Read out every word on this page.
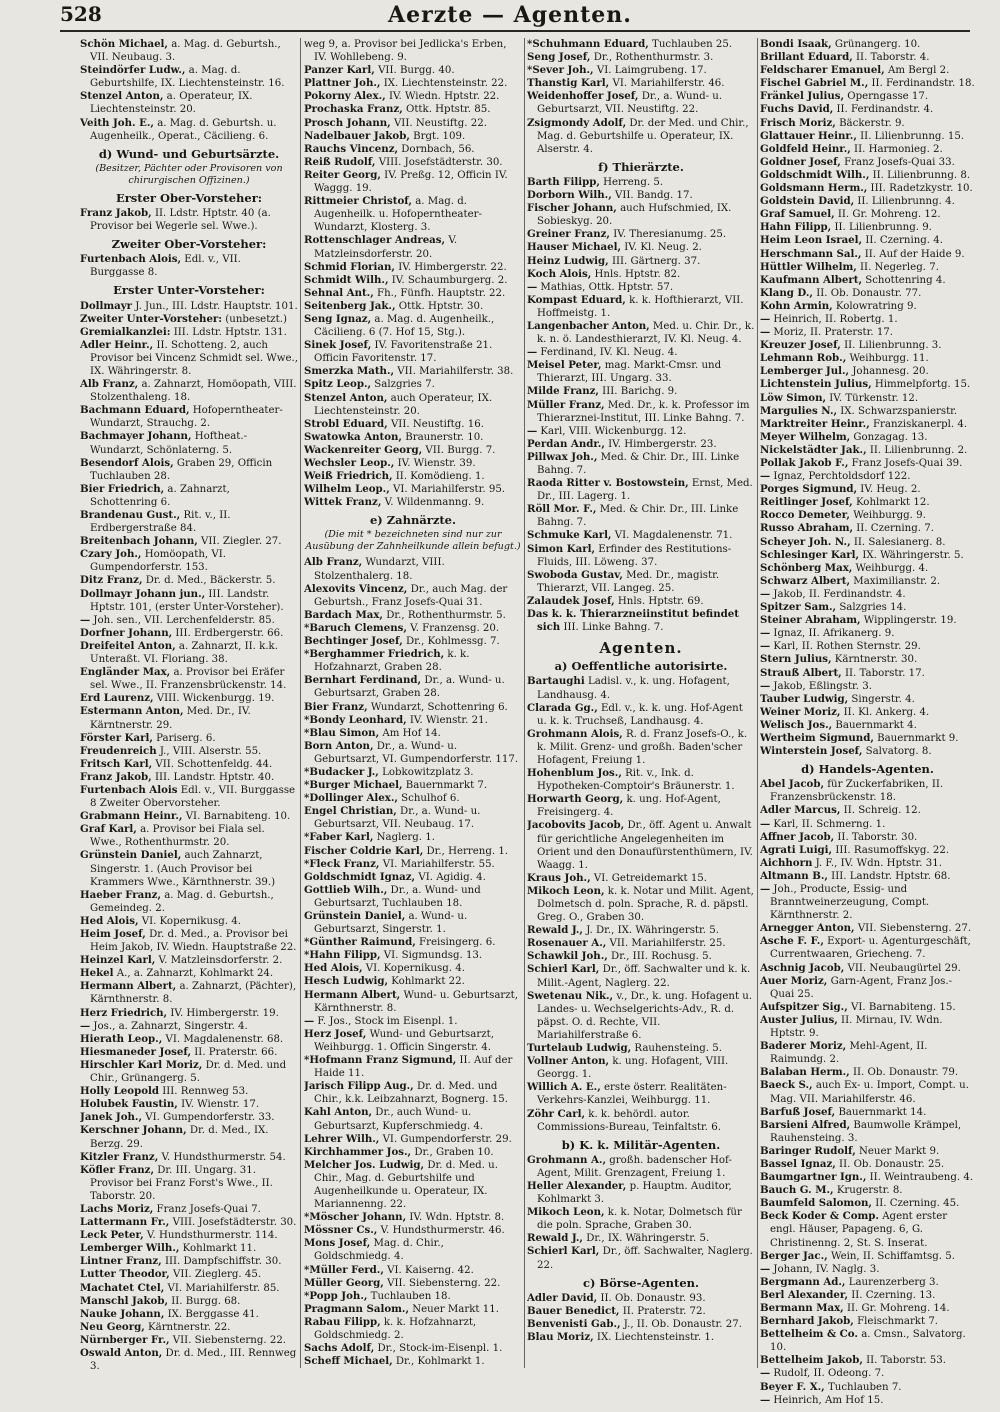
528	Aerzte — Agenten.

Schön Michael, a. Mag. d. Geburtsh., VII. Neubaug. 3.

Steindörfer Ludw., a. Mag. d. Geburtshilfe, IX. Liechtensteinstr. 16.

Stenzel Anton, a. Operateur, IX. Liechtensteinstr. 20.

Veith Joh. E., a. Mag. d. Geburtsh. u. Augenheilk., Operat., Cäcilieng. 6.

d) Wund- und Geburtsärzte.
(Besitzer, Pächter oder Provisoren von chirurgischen Offizinen.)
Erster Ober-Vorsteher:

Franz Jakob, II. Ldstr. Hptstr. 40 (a. Provisor bei Wegerle sel. Wwe.).

Zweiter Ober-Vorsteher:

Furtenbach Alois, Edl. v., VII. Burggasse 8.

Erster Unter-Vorsteher:

Dollmayr J. Jun., III. Ldstr. Hauptstr. 101.

Zweiter Unter-Vorsteher: (unbesetzt.)

Gremialkanzlei: III. Ldstr. Hptstr. 131.

Adler Heinr., II. Schotteng. 2, auch Provisor bei Vincenz Schmidt sel. Wwe., IX. Währingerstr. 8.

Alb Franz, a. Zahnarzt, Homöopath, VIII. Stolzenthaleng. 18.

Bachmann Eduard, Hofoperntheater-Wundarzt, Strauchg. 2.

Bachmayer Johann, Hoftheat.-Wundarzt, Schönlaterng. 5.

Besendorf Alois, Graben 29, Officin Tuchlauben 28.

Bier Friedrich, a. Zahnarzt, Schottenring 6.

Brandenau Gust., Rit. v., II. Erdbergerstraße 84.

Breitenbach Johann, VII. Ziegler. 27.

Czary Joh., Homöopath, VI. Gumpendorferstr. 153.

Ditz Franz, Dr. d. Med., Bäckerstr. 5.

Dollmayr Johann jun., III. Landstr. Hptstr. 101, (erster Unter-Vorsteher).

— Joh. sen., VII. Lerchenfelderstr. 85.

Dorfner Johann, III. Erdbergerstr. 66.

Dreifeitel Anton, a. Zahnarzt, II. k.k. Unteraßt. VI. Floriang. 38.

Engländer Max, a. Provisor bei Eräfer sel. Wwe., II. Franzensbrückenstr. 14.

Erd Laurenz, VIII. Wickenburgg. 19.

Estermann Anton, Med. Dr., IV. Kärntnerstr. 29.

Förster Karl, Pariserg. 6.

Freudenreich J., VIII. Alserstr. 55.

Fritsch Karl, VII. Schottenfeldg. 44.

Franz Jakob, III. Landstr. Hptstr. 40.

Furtenbach Alois Edl. v., VII. Burggasse 8 Zweiter Obervorsteher.

Grabmann Heinr., VI. Barnabiteng. 10.

Graf Karl, a. Provisor bei Fiala sel. Wwe., Rothenthurmstr. 20.

Grünstein Daniel, auch Zahnarzt, Singerstr. 1. (Auch Provisor bei Krammers Wwe., Kärnthnerstr. 39.)

Haeber Franz, a. Mag. d. Geburtsh., Gemeindeg. 2.

Hed Alois, VI. Kopernikusg. 4.

Heim Josef, Dr. d. Med., a. Provisor bei Heim Jakob, IV. Wiedn. Hauptstraße 22.

Heinzel Karl, V. Matzleinsdorferstr. 2.

Hekel A., a. Zahnarzt, Kohlmarkt 24.

Hermann Albert, a. Zahnarzt, (Pächter), Kärnthnerstr. 8.

Herz Friedrich, IV. Himbergerstr. 19.

— Jos., a. Zahnarzt, Singerstr. 4.

Hierath Leop., VI. Magdalenenstr. 68.

Hiesmaneder Josef, II. Praterstr. 66.

Hirschler Karl Moriz, Dr. d. Med. und Chir., Grünangerg. 5.

Holly Leopold III. Rennweg 53.

Holubek Faustin, IV. Wienstr. 17.

Janek Joh., VI. Gumpendorferstr. 33.

Kerschner Johann, Dr. d. Med., IX. Berzg. 29.

Kitzler Franz, V. Hundsthurmerstr. 54.

Köfler Franz, Dr. III. Ungarg. 31. Provisor bei Franz Forst's Wwe., II. Taborstr. 20.

Lachs Moriz, Franz Josefs-Quai 7.

Lattermann Fr., VIII. Josefstädterstr. 30.

Leck Peter, V. Hundsthurmerstr. 114.

Lemberger Wilh., Kohlmarkt 11.

Lintner Franz, III. Dampfschiffstr. 30.

Lutter Theodor, VII. Zieglerg. 45.

Machatet Ctel, VI. Mariahilferstr. 85.

Manschl Jakob, II. Burgg. 68.

Nauke Johann, IX. Berggasse 41.

Neu Georg, Kärntnerstr. 22.

Nürnberger Fr., VII. Siebensterng. 22.

Oswald Anton, Dr. d. Med., III. Rennweg 3.

weg 9, a. Provisor bei Jedlicka's Erben, IV. Wohllebeng. 9.

Panzer Karl, VII. Burgg. 40.

Plattner Joh., IX. Liechtensteinstr. 22.

Pokorny Alex., IV. Wiedn. Hptstr. 22.

Prochaska Franz, Ottk. Hptstr. 85.

Prosch Johann, VII. Neustiftg. 22.

Nadelbauer Jakob, Brgt. 109.

Rauchs Vincenz, Dornbach, 56.

Reiß Rudolf, VIII. Josefstädterstr. 30.

Reiter Georg, IV. Preßg. 12, Officin IV. Waggg. 19.

Rittmeier Christof, a. Mag. d. Augenheilk. u. Hofoperntheater-Wundarzt, Klosterg. 3.

Rottenschlager Andreas, V. Matzleinsdorferstr. 20.

Schmid Florian, IV. Himbergerstr. 22.

Schmidt Wilh., IV. Schaumburgerg. 2.

Sehnal Ant., Fh., Fünfh. Hauptstr. 22.

Seitenberg Jak., Ottk. Hptstr. 30.

Seng Ignaz, a. Mag. d. Augenheilk., Cäcilieng. 6 (7. Hof 15, Stg.).

Sinek Josef, IV. Favoritenstraße 21. Officin Favoritenstr. 17.

Smerzka Math., VII. Mariahilferstr. 38.

Spitz Leop., Salzgries 7.

Stenzel Anton, auch Operateur, IX. Liechtensteinstr. 20.

Strobl Eduard, VII. Neustiftg. 16.

Swatowka Anton, Braunerstr. 10.

Wackenreiter Georg, VII. Burgg. 7.

Wechsler Leop., IV. Wienstr. 39.

Weiß Friedrich, II. Komödieng. 1.

Wilhelm Leop., VI. Mariahilferstr. 95.

Wittek Franz, V. Wildenmanng. 9.

e) Zahnärzte.
(Die mit * bezeichneten sind nur zur Ausübung der Zahnheilkunde allein befugt.)

Alb Franz, Wundarzt, VIII. Stolzenthalerg. 18.

Alexovits Vincenz, Dr., auch Mag. der Geburtsh., Franz Josefs-Quai 31.

Bardach Max, Dr., Rothenthurmstr. 5.

*Baruch Clemens, V. Franzensg. 20.

Bechtinger Josef, Dr., Kohlmessg. 7.

*Berghammer Friedrich, k. k. Hofzahnarzt, Graben 28.

Bernhart Ferdinand, Dr., a. Wund- u. Geburtsarzt, Graben 28.

Bier Franz, Wundarzt, Schottenring 6.

*Bondy Leonhard, IV. Wienstr. 21.

*Blau Simon, Am Hof 14.

Born Anton, Dr., a. Wund- u. Geburtsarzt, VI. Gumpendorferstr. 117.

*Budacker J., Lobkowitzplatz 3.

*Burger Michael, Bauernmarkt 7.

*Dollinger Alex., Schulhof 6.

Engel Christian, Dr., a. Wund- u. Geburtsarzt, VII. Neubaug. 17.

*Faber Karl, Naglerg. 1.

Fischer Coldrie Karl, Dr., Herreng. 1.

*Fleck Franz, VI. Mariahilferstr. 55.

Goldschmidt Ignaz, VI. Agidig. 4.

Gottlieb Wilh., Dr., a. Wund- und Geburtsarzt, Tuchlauben 18.

Grünstein Daniel, a. Wund- u. Geburtsarzt, Singerstr. 1.

*Günther Raimund, Freisingerg. 6.

*Hahn Filipp, VI. Sigmundsg. 13.

Hed Alois, VI. Kopernikusg. 4.

Hesch Ludwig, Kohlmarkt 22.

Hermann Albert, Wund- u. Geburtsarzt, Kärnthnerstr. 8.

— F. Jos., Stock im Eisenpl. 1.

Herz Josef, Wund- und Geburtsarzt, Weihburgg. 1. Officin Singerstr. 4.

*Hofmann Franz Sigmund, II. Auf der Haide 11.

Jarisch Filipp Aug., Dr. d. Med. und Chir., k.k. Leibzahnarzt, Bognerg. 15.

Kahl Anton, Dr., auch Wund- u. Geburtsarzt, Kupferschmiedg. 4.

Lehrer Wilh., VI. Gumpendorferstr. 29.

Kirchhammer Jos., Dr., Graben 10.

Melcher Jos. Ludwig, Dr. d. Med. u. Chir., Mag. d. Geburtshilfe und Augenheilkunde u. Operateur, IX. Mariannenng. 22.

*Möscher Johann, IV. Wdn. Hptstr. 8.

Mössner Cs., V. Hundsthurmerstr. 46.

Mons Josef, Mag. d. Chir., Goldschmiedg. 4.

*Müller Ferd., VI. Kaiserng. 42.

Müller Georg, VII. Siebensterng. 22.

*Popp Joh., Tuchlauben 18.

Pragmann Salom., Neuer Markt 11.

Rabau Filipp, k. k. Hofzahnarzt, Goldschmiedg. 2.

Sachs Adolf, Dr., Stock-im-Eisenpl. 1.

Scheff Michael, Dr., Kohlmarkt 1.

*Schuhmann Eduard, Tuchlauben 25.

Seng Josef, Dr., Rothenthurmstr. 3.

*Sever Joh., VI. Laimgrubeng. 17.

Thanstig Karl, VI. Mariahilferstr. 46.

Weidenhoffer Josef, Dr., a. Wund- u. Geburtsarzt, VII. Neustiftg. 22.

Zsigmondy Adolf, Dr. der Med. und Chir., Mag. d. Geburtshilfe u. Operateur, IX. Alserstr. 4.

f) Thierärzte.

Barth Filipp, Herreng. 5.

Dorborn Wilh., VII. Bandg. 17.

Fischer Johann, auch Hufschmied, IX. Sobieskyg. 20.

Greiner Franz, IV. Theresianumg. 25.

Hauser Michael, IV. Kl. Neug. 2.

Heinz Ludwig, III. Gärtnerg. 37.

Koch Alois, Hnls. Hptstr. 82.

— Mathias, Ottk. Hptstr. 57.

Kompast Eduard, k. k. Hofthierarzt, VII. Hoffmeistg. 1.

Langenbacher Anton, Med. u. Chir. Dr., k. k. n. ö. Landesthierarzt, IV. Kl. Neug. 4.

— Ferdinand, IV. Kl. Neug. 4.

Meisel Peter, mag. Markt-Cmsr. und Thierarzt, III. Ungarg. 33.

Milde Franz, III. Barichg. 9.

Müller Franz, Med. Dr., k. k. Professor im Thierarznei-Institut, III. Linke Bahng. 7.

— Karl, VIII. Wickenburgg. 12.

Perdan Andr., IV. Himbergerstr. 23.

Pillwax Joh., Med. & Chir. Dr., III. Linke Bahng. 7.

Raoda Ritter v. Bostowstein, Ernst, Med. Dr., III. Lagerg. 1.

Röll Mor. F., Med. & Chir. Dr., III. Linke Bahng. 7.

Schmuke Karl, VI. Magdalenenstr. 71.

Simon Karl, Erfinder des Restitutions-Fluids, III. Löweng. 37.

Swoboda Gustav, Med. Dr., magistr. Thierarzt, VII. Langeg. 25.

Zalaudek Josef, Hnls. Hptstr. 69.

Das k. k. Thierarzneiinstitut befindet sich III. Linke Bahng. 7.

Agenten.
a) Oeffentliche autorisirte.

Bartaughi Ladisl. v., k. ung. Hofagent, Landhausg. 4.

Clarada Gg., Edl. v., k. k. ung. Hof-Agent u. k. k. Truchseß, Landhausg. 4.

Grohmann Alois, R. d. Franz Josefs-O., k. k. Milit. Grenz- und großh. Baden'scher Hofagent, Freiung 1.

Hohenblum Jos., Rit. v., Ink. d. Hypotheken-Comptoir's Bräunerstr. 1.

Horwarth Georg, k. ung. Hof-Agent, Freisingerg. 4.

Jacobovits Jacob, Dr., öff. Agent u. Anwalt für gerichtliche Angelegenheiten im Orient und den Donaufürstenthümern, IV. Waagg. 1.

Kraus Joh., VI. Getreidemarkt 15.

Mikoch Leon, k. k. Notar und Milit. Agent, Dolmetsch d. poln. Sprache, R. d. päpstl. Greg. O., Graben 30.

Rewald J., J. Dr., IX. Währingerstr. 5.

Rosenauer A., VII. Mariahilferstr. 25.

Schawkil Joh., Dr., III. Rochusg. 5.

Schierl Karl, Dr., öff. Sachwalter und k. k. Milit.-Agent, Naglerg. 22.

Swetenau Nik., v., Dr., k. ung. Hofagent u. Landes- u. Wechselgerichts-Adv., R. d. päpst. O. d. Rechte, VII. Mariahilferstraße 6.

Turtelaub Ludwig, Rauhensteing. 5.

Vollner Anton, k. ung. Hofagent, VIII. Georgg. 1.

Willich A. E., erste österr. Realitäten-Verkehrs-Kanzlei, Weihburgg. 11.

Zöhr Carl, k. k. behördl. autor. Commissions-Bureau, Teinfaltstr. 6.

b) K. k. Militär-Agenten.

Grohmann A., großh. badenscher Hof-Agent, Milit. Grenzagent, Freiung 1.

Heller Alexander, p. Hauptm. Auditor, Kohlmarkt 3.

Mikoch Leon, k. k. Notar, Dolmetsch für die poln. Sprache, Graben 30.

Rewald J., Dr., IX. Währingerstr. 5.

Schierl Karl, Dr., öff. Sachwalter, Naglerg. 22.

c) Börse-Agenten.

Adler David, II. Ob. Donaustr. 93.

Bauer Benedict, II. Praterstr. 72.

Benvenisti Gab., J., II. Ob. Donaustr. 27.

Blau Moriz, IX. Liechtensteinstr. 1.

Bondi Isaak, Grünangerg. 10.

Brillant Eduard, II. Taborstr. 4.

Feldscharer Emanuel, Am Bergl 2.

Fischel Gabriel M., II. Ferdinandstr. 18.

Fränkel Julius, Operngasse 17.

Fuchs David, II. Ferdinandstr. 4.

Frisch Moriz, Bäckerstr. 9.

Glattauer Heinr., II. Lilienbrunng. 15.

Goldfeld Heinr., II. Harmonieg. 2.

Goldner Josef, Franz Josefs-Quai 33.

Goldschmidt Wilh., II. Lilienbrunng. 8.

Goldsmann Herm., III. Radetzkystr. 10.

Goldstein David, II. Lilienbrunng. 4.

Graf Samuel, II. Gr. Mohreng. 12.

Hahn Filipp, II. Lilienbrunng. 9.

Heim Leon Israel, II. Czerning. 4.

Herschmann Sal., II. Auf der Haide 9.

Hüttler Wilhelm, II. Negerleg. 7.

Kaufmann Albert, Schottenring 4.

Klang D., II. Ob. Donaustr. 77.

Kohn Armin, Kolowratring 9.

— Heinrich, II. Robertg. 1.

— Moriz, II. Praterstr. 17.

Kreuzer Josef, II. Lilienbrunng. 3.

Lehmann Rob., Weihburgg. 11.

Lemberger Jul., Johannesg. 20.

Lichtenstein Julius, Himmelpfortg. 15.

Löw Simon, IV. Türkenstr. 12.

Margulies N., IX. Schwarzspanierstr.

Marktreiter Heinr., Franziskanerpl. 4.

Meyer Wilhelm, Gonzagag. 13.

Nickelstädter Jak., II. Lilienbrunng. 2.

Pollak Jakob F., Franz Josefs-Quai 39.

— Ignaz, Perchtoldsdorf 122.

Porges Sigmund, IV. Heug. 2.

Reitlinger Josef, Kohlmarkt 12.

Rocco Demeter, Weihburgg. 9.

Russo Abraham, II. Czerning. 7.

Scheyer Joh. N., II. Salesianerg. 8.

Schlesinger Karl, IX. Währingerstr. 5.

Schönberg Max, Weihburgg. 4.

Schwarz Albert, Maximilianstr. 2.

— Jakob, II. Ferdinandstr. 4.

Spitzer Sam., Salzgries 14.

Steiner Abraham, Wipplingerstr. 19.

— Ignaz, II. Afrikanerg. 9.

— Karl, II. Rothen Sternstr. 29.

Stern Julius, Kärntnerstr. 30.

Strauß Albert, II. Taborstr. 17.

— Jakob, Eßlingstr. 3.

Tauber Ludwig, Singerstr. 4.

Weiner Moriz, II. Kl. Ankerg. 4.

Welisch Jos., Bauernmarkt 4.

Wertheim Sigmund, Bauernmarkt 9.

Winterstein Josef, Salvatorg. 8.

d) Handels-Agenten.

Abel Jacob, für Zuckerfabriken, II. Franzensbrückenstr. 18.

Adler Marcus, II. Schreig. 12.

— Karl, II. Schmerng. 1.

Affner Jacob, II. Taborstr. 30.

Agrati Luigi, III. Rasumoffskyg. 22.

Aichhorn J. F., IV. Wdn. Hptstr. 31.

Altmann B., III. Landstr. Hptstr. 68.

— Joh., Producte, Essig- und Branntweinerzeugung, Compt. Kärnthnerstr. 2.

Arnegger Anton, VII. Siebensterng. 27.

Asche F. F., Export- u. Agenturgeschäft, Currentwaaren, Griecheng. 7.

Aschnig Jacob, VII. Neubaugürtel 29.

Auer Moriz, Garn-Agent, Franz Jos.-Quai 25.

Aufspitzer Sig., VI. Barnabiteng. 15.

Auster Julius, II. Mirnau, IV. Wdn. Hptstr. 9.

Baderer Moriz, Mehl-Agent, II. Raimundg. 2.

Balaban Herm., II. Ob. Donaustr. 79.

Baeck S., auch Ex- u. Import, Compt. u. Mag. VII. Mariahilferstr. 46.

Barfuß Josef, Bauernmarkt 14.

Barsieni Alfred, Baumwolle Krämpel, Rauhensteing. 3.

Baringer Rudolf, Neuer Markt 9.

Bassel Ignaz, II. Ob. Donaustr. 25.

Baumgartner Ign., II. Weintraubeng. 4.

Bauch G. M., Krugerstr. 8.

Baumfeld Salomon, II. Czerning. 45.

Beck Koder & Comp. Agent erster engl. Häuser, Papageng. 6, G. Christinenng. 2, St. S. Inserat.

Berger Jac., Wein, II. Schiffamtsg. 5.

— Johann, IV. Naglg. 3.

Bergmann Ad., Laurenzerberg 3.

Berl Alexander, II. Czerning. 13.

Bermann Max, II. Gr. Mohreng. 14.

Bernhard Jakob, Fleischmarkt 7.

Bettelheim & Co. a. Cmsn., Salvatorg. 10.

Bettelheim Jakob, II. Taborstr. 53.

— Rudolf, II. Odeong. 7.

Beyer F. X., Tuchlauben 7.

— Heinrich, Am Hof 15.
